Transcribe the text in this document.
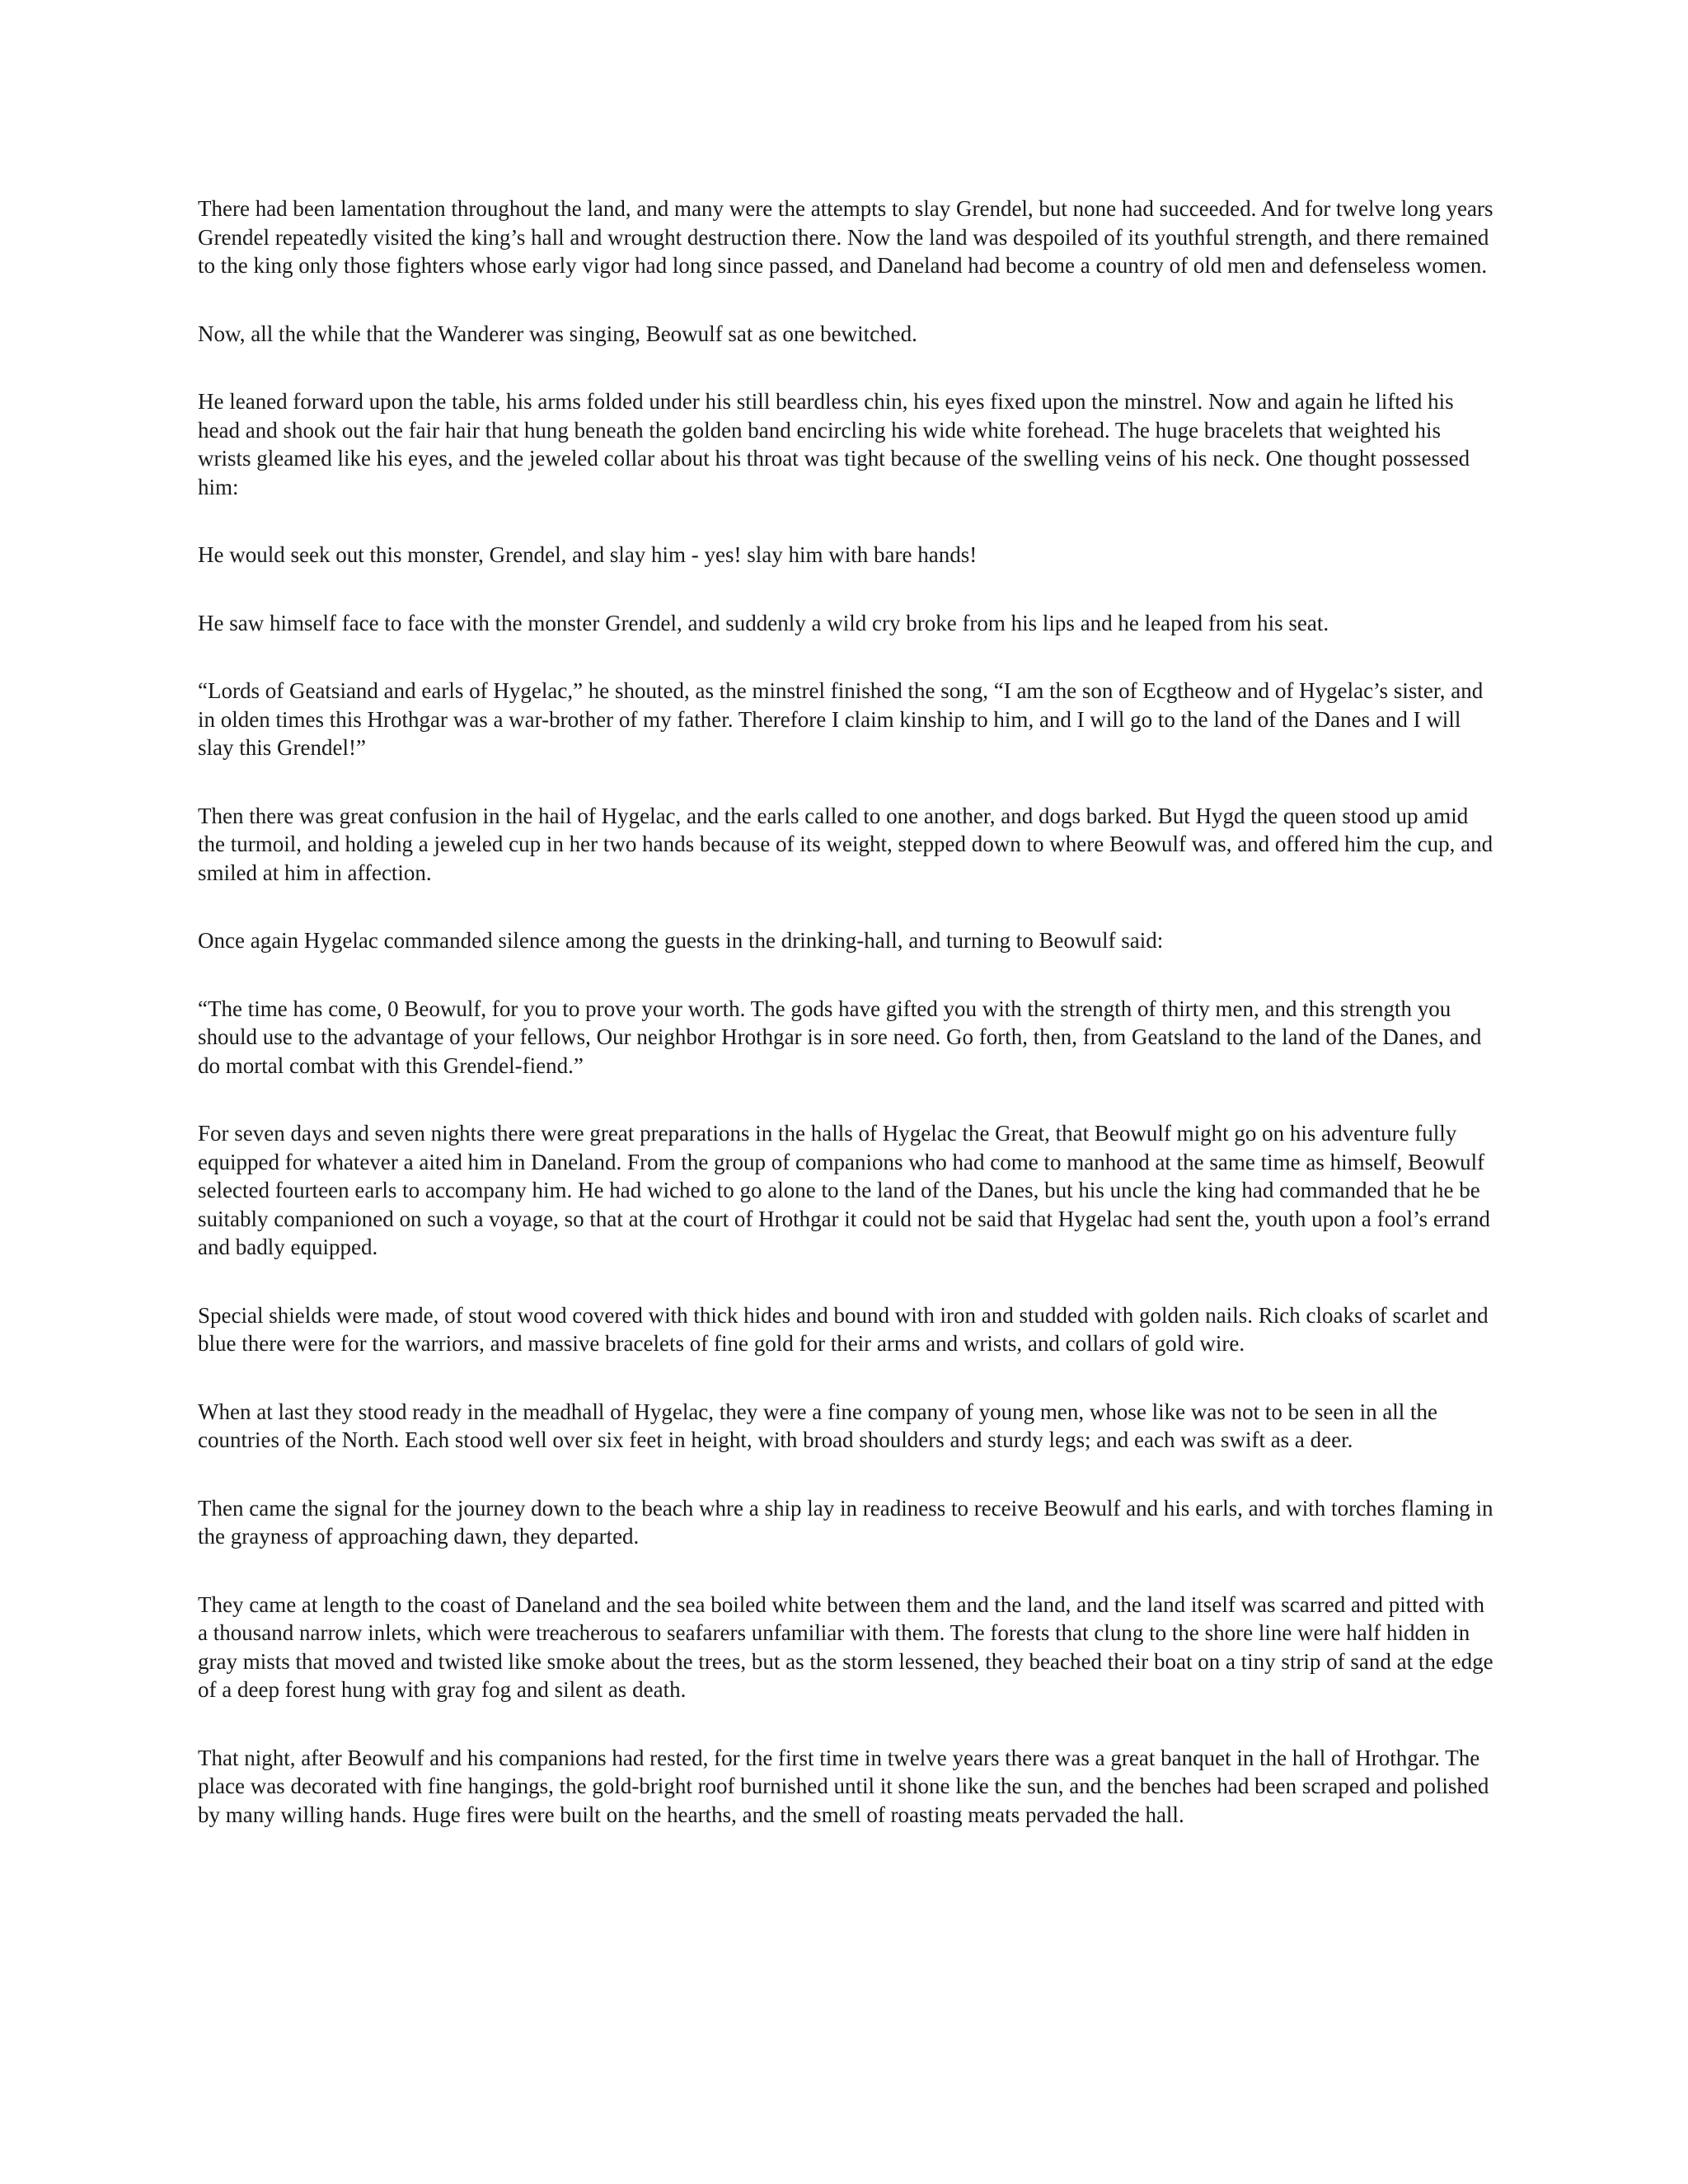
There had been lamentation throughout the land, and many were the attempts to slay Grendel, but none had succeeded. And for twelve long years Grendel repeatedly visited the king’s hall and wrought destruction there. Now the land was despoiled of its youthful strength, and there remained to the king only those fighters whose early vigor had long since passed, and Daneland had become a country of old men and defenseless women.

Now, all the while that the Wanderer was singing, Beowulf sat as one bewitched.

He leaned forward upon the table, his arms folded under his still beardless chin, his eyes fixed upon the minstrel. Now and again he lifted his head and shook out the fair hair that hung beneath the golden band encircling his wide white forehead. The huge bracelets that weighted his wrists gleamed like his eyes, and the jeweled collar about his throat was tight because of the swelling veins of his neck. One thought possessed him:

He would seek out this monster, Grendel, and slay him - yes! slay him with bare hands!

He saw himself face to face with the monster Grendel, and suddenly a wild cry broke from his lips and he leaped from his seat.

“Lords of Geatsiand and earls of Hygelac,” he shouted, as the minstrel finished the song, “I am the son of Ecgtheow and of Hygelac’s sister, and in olden times this Hrothgar was a war-brother of my father. Therefore I claim kinship to him, and I will go to the land of the Danes and I will slay this Grendel!”

Then there was great confusion in the hail of Hygelac, and the earls called to one another, and dogs barked. But Hygd the queen stood up amid the turmoil, and holding a jeweled cup in her two hands because of its weight, stepped down to where Beowulf was, and offered him the cup, and smiled at him in affection.

Once again Hygelac commanded silence among the guests in the drinking-hall, and turning to Beowulf said:

“The time has come, 0 Beowulf, for you to prove your worth. The gods have gifted you with the strength of thirty men, and this strength you should use to the advantage of your fellows, Our neighbor Hrothgar is in sore need. Go forth, then, from Geatsland to the land of the Danes, and do mortal combat with this Grendel-fiend.”

For seven days and seven nights there were great preparations in the halls of Hygelac the Great, that Beowulf might go on his adventure fully equipped for whatever a aited him in Daneland. From the group of companions who had come to manhood at the same time as himself, Beowulf selected fourteen earls to accompany him. He had wiched to go alone to the land of the Danes, but his uncle the king had commanded that he be suitably companioned on such a voyage, so that at the court of Hrothgar it could not be said that Hygelac had sent the, youth upon a fool’s errand and badly equipped.

Special shields were made, of stout wood covered with thick hides and bound with iron and studded with golden nails. Rich cloaks of scarlet and blue there were for the warriors, and massive bracelets of fine gold for their arms and wrists, and collars of gold wire.

When at last they stood ready in the meadhall of Hygelac, they were a fine company of young men, whose like was not to be seen in all the countries of the North. Each stood well over six feet in height, with broad shoulders and sturdy legs; and each was swift as a deer.

Then came the signal for the journey down to the beach whre a ship lay in readiness to receive Beowulf and his earls, and with torches flaming in the grayness of approaching dawn, they departed.

They came at length to the coast of Daneland and the sea boiled white between them and the land, and the land itself was scarred and pitted with a thousand narrow inlets, which were treacherous to seafarers unfamiliar with them. The forests that clung to the shore line were half hidden in gray mists that moved and twisted like smoke about the trees, but as the storm lessened, they beached their boat on a tiny strip of sand at the edge of a deep forest hung with gray fog and silent as death.

That night, after Beowulf and his companions had rested, for the first time in twelve years there was a great banquet in the hall of Hrothgar. The place was decorated with fine hangings, the gold-bright roof burnished until it shone like the sun, and the benches had been scraped and polished by many willing hands. Huge fires were built on the hearths, and the smell of roasting meats pervaded the hall.
